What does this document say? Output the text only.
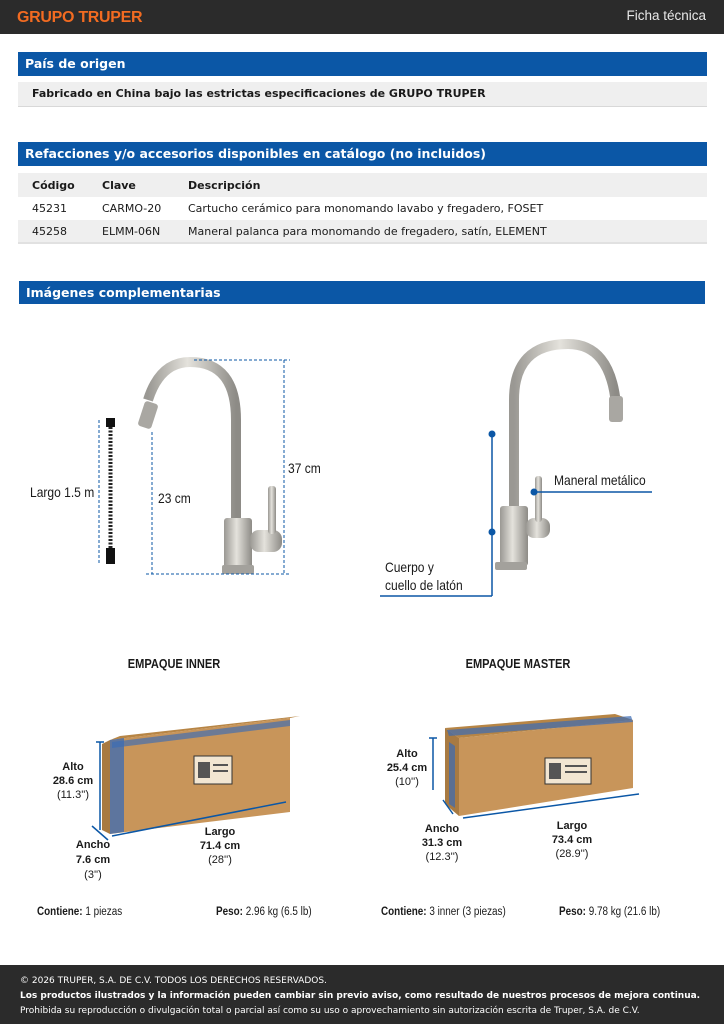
GRUPO TRUPER	Ficha técnica
País de origen
Fabricado en China bajo las estrictas especificaciones de GRUPO TRUPER
Refacciones y/o accesorios disponibles en catálogo (no incluidos)
Código	Clave	Descripción
45231	CARMO-20	Cartucho cerámico para monomando lavabo y fregadero, FOSET
45258	ELMM-06N	Maneral palanca para monomando de fregadero, satín, ELEMENT
Imágenes complementarias
Largo 1.5 m	23 cm
37 cm
Maneral metálico
Cuerpo y
cuello de latón
EMPAQUE INNER	EMPAQUE MASTER
Alto
28.6 cm
(11.3'')
Largo
71.4 cm
(28'')
Ancho
7.6 cm
(3'')
Alto
25.4 cm
(10'')
Largo
73.4 cm
(28.9'')
Ancho
31.3 cm
(12.3'')
Contiene: 1 piezas	Peso: 2.96 kg (6.5 lb)	Contiene: 3 inner (3 piezas)	Peso: 9.78 kg (21.6 lb)
© 2026 TRUPER, S.A. DE C.V. TODOS LOS DERECHOS RESERVADOS.
Los productos ilustrados y la información pueden cambiar sin previo aviso, como resultado de nuestros procesos de mejora continua.
Prohibida su reproducción o divulgación total o parcial así como su uso o aprovechamiento sin autorización escrita de Truper, S.A. de C.V.
